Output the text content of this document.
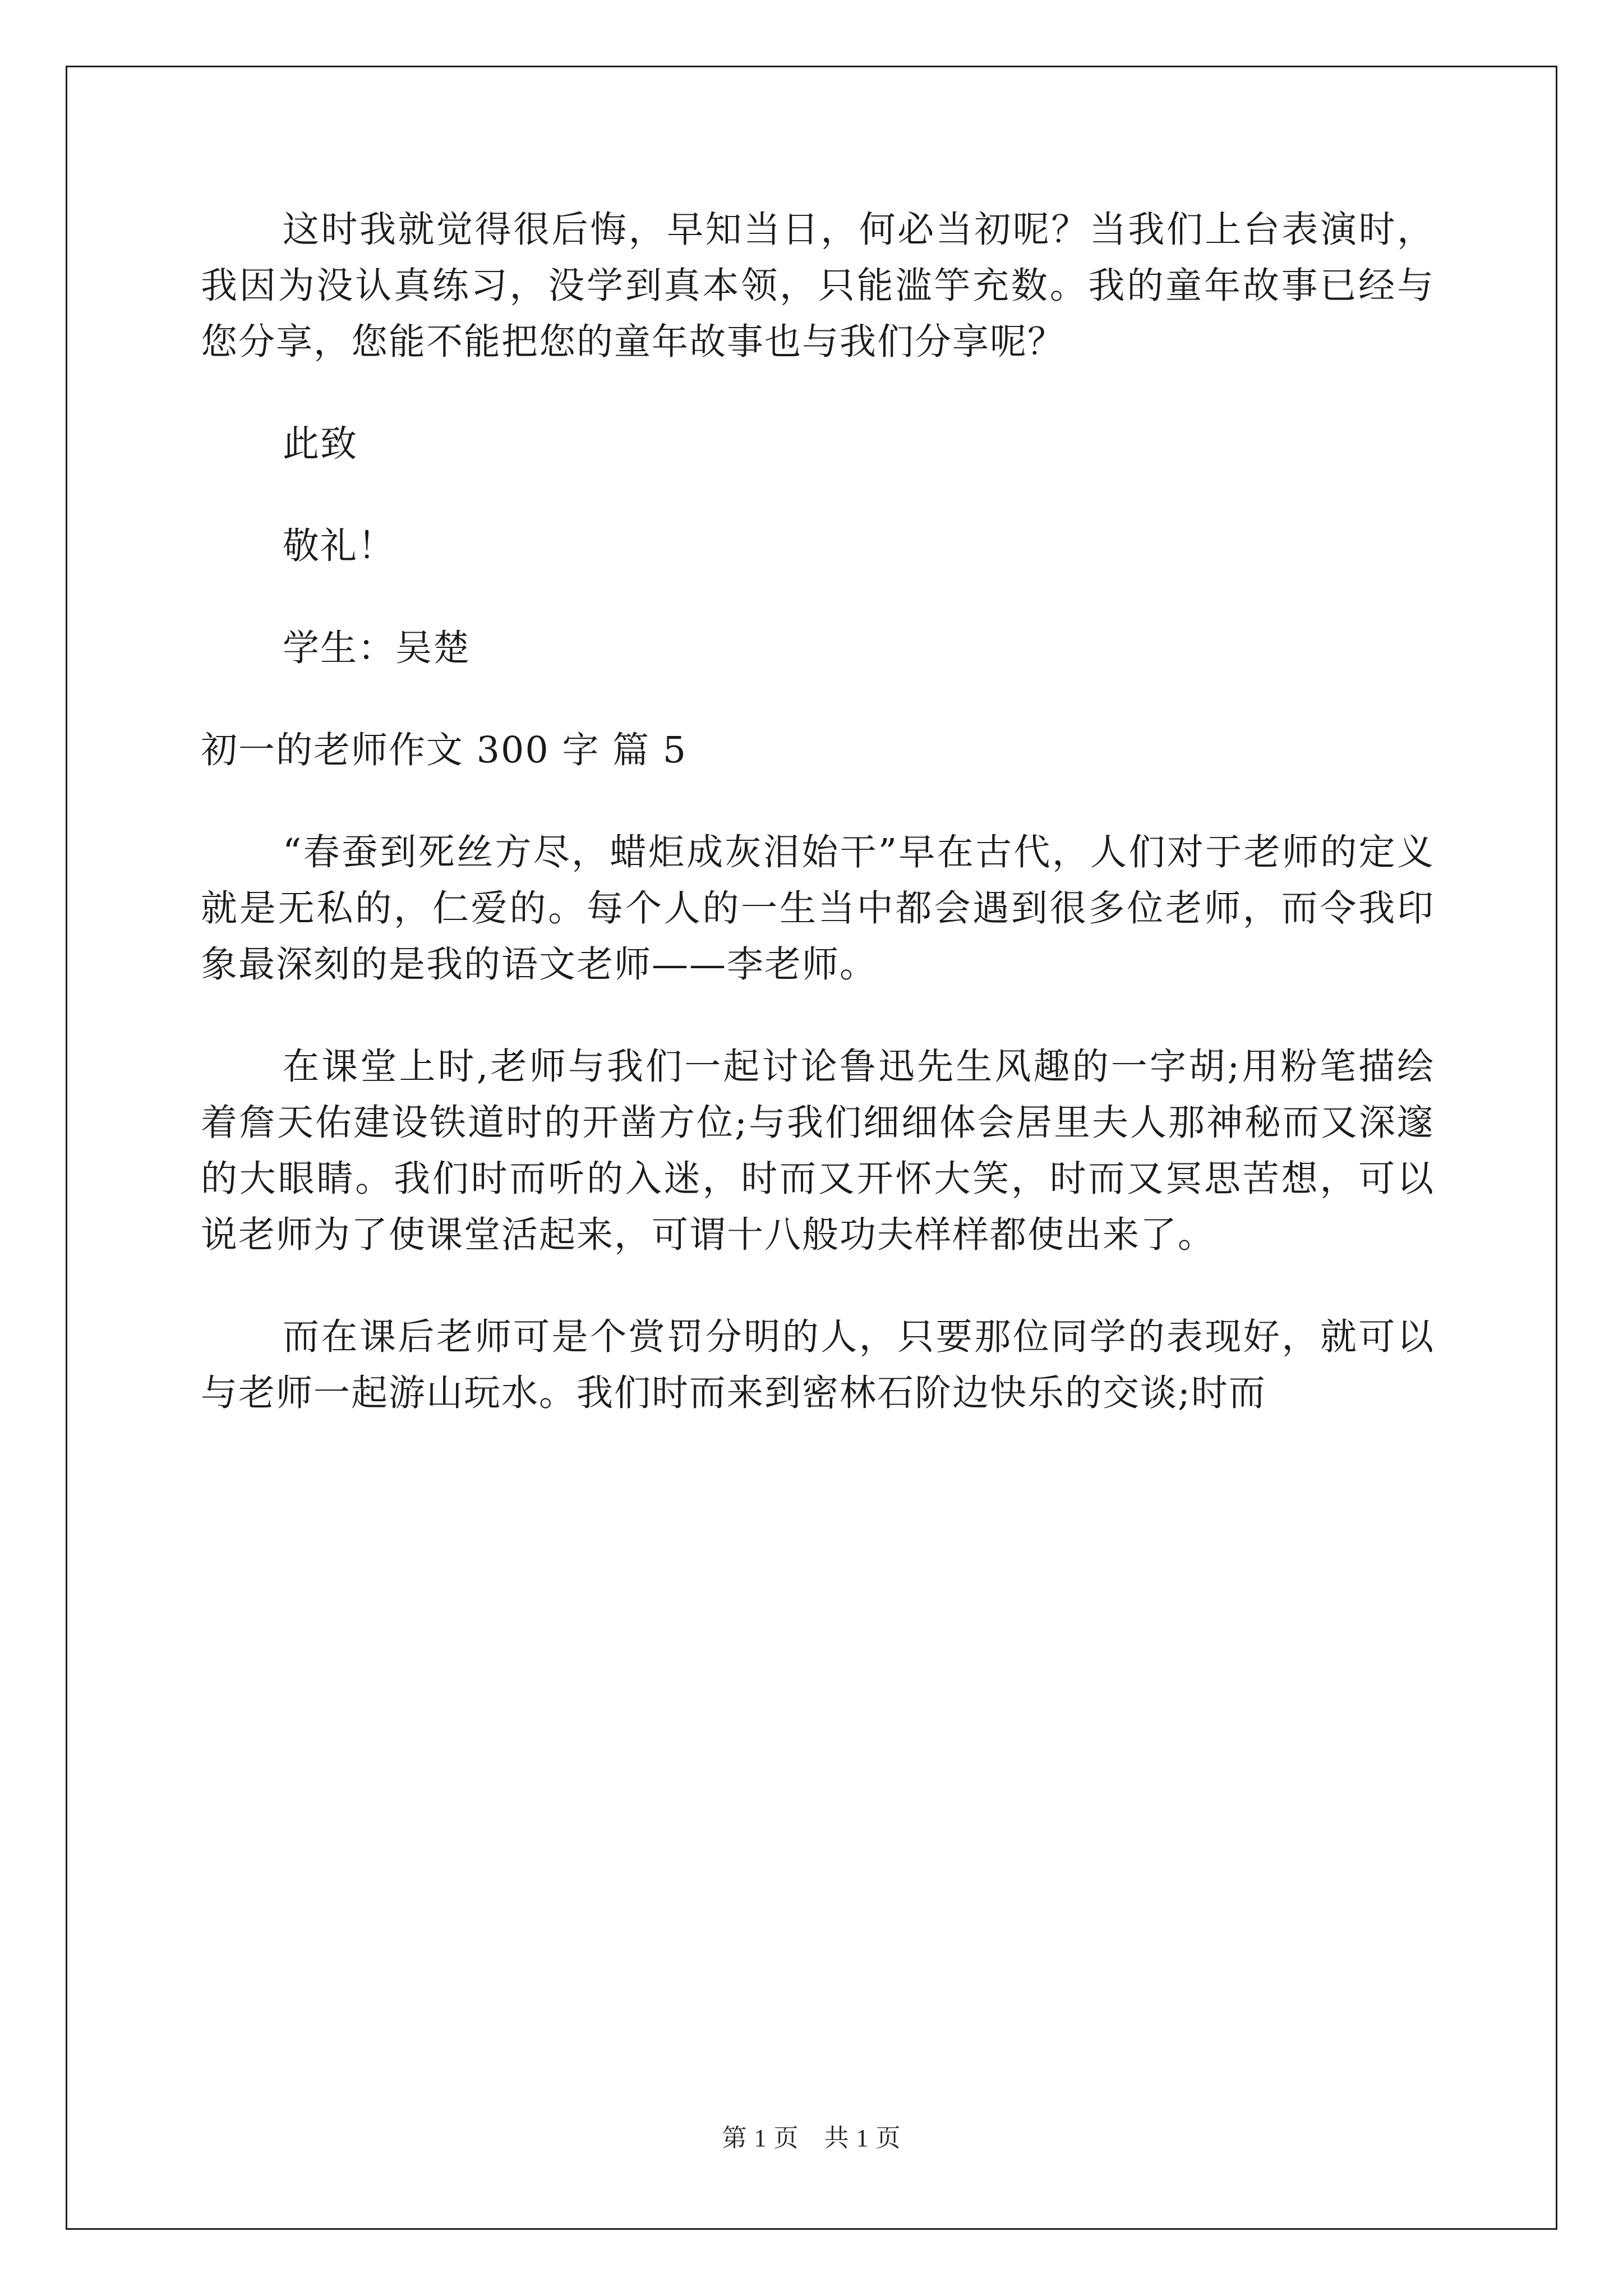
这时我就觉得很后悔，早知当日，何必当初呢？当我们上台表演时，我因为没认真练习，没学到真本领，只能滥竽充数。我的童年故事已经与您分享，您能不能把您的童年故事也与我们分享呢？

此致

敬礼！

学生：吴楚

初一的老师作文 300 字 篇 5

“春蚕到死丝方尽，蜡炬成灰泪始干”早在古代，人们对于老师的定义就是无私的，仁爱的。每个人的一生当中都会遇到很多位老师，而令我印象最深刻的是我的语文老师——李老师。

在课堂上时,老师与我们一起讨论鲁迅先生风趣的一字胡;用粉笔描绘着詹天佑建设铁道时的开凿方位;与我们细细体会居里夫人那神秘而又深邃的大眼睛。我们时而听的入迷，时而又开怀大笑，时而又冥思苦想，可以说老师为了使课堂活起来，可谓十八般功夫样样都使出来了。

而在课后老师可是个赏罚分明的人，只要那位同学的表现好，就可以与老师一起游山玩水。我们时而来到密林石阶边快乐的交谈;时而

第 1 页　共 1 页
